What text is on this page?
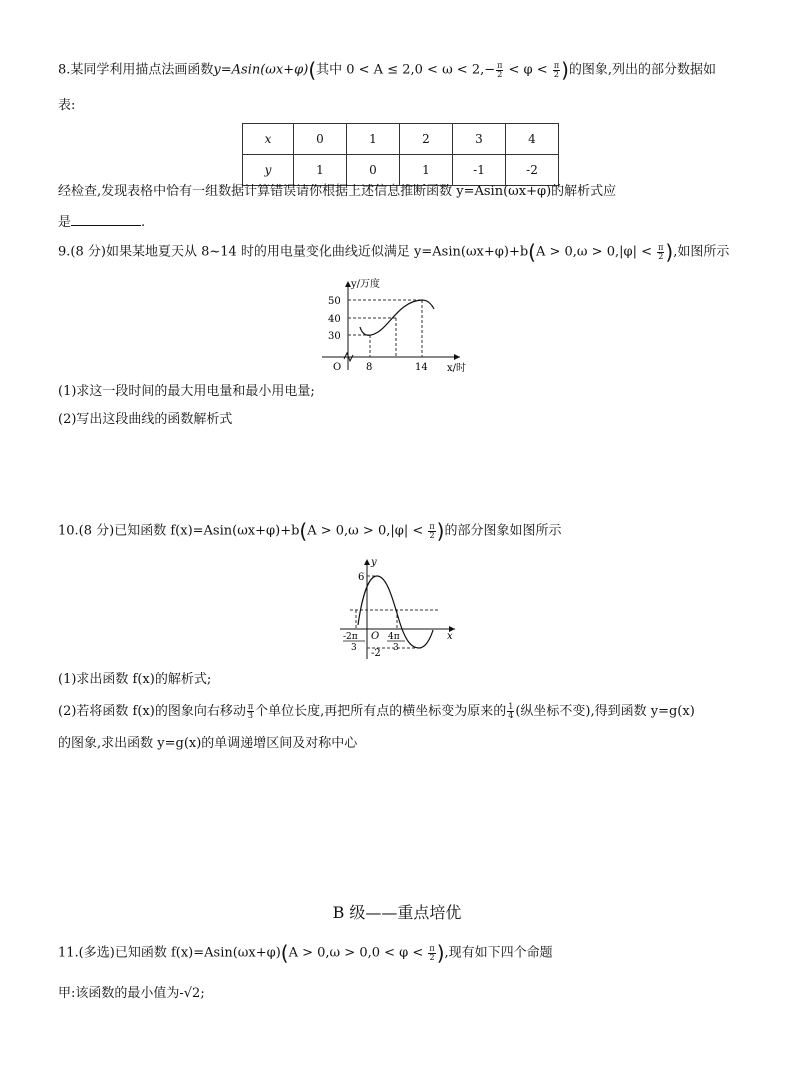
8.某同学利用描点法画函数y=Asin(ωx+φ)(其中 $0 < A \le 2,0 < \omega < 2,- \frac{\pi}{2} < \varphi < \frac{\pi}{2}$ )的图象,列出的部分数据如
表:
x	0	1	2	3	4
y	1	0	1	-1	-2
经检查,发现表格中恰有一组数据计算错误请你根据上述信息推断函数 y=Asin(ωx+φ)的解析式应
是	.
9.(8 分)如果某地夏天从 8~14 时的用电量变化曲线近似满足 $y=Asin(\omega x+\varphi)+b(A > 0,\omega > 0,|\varphi| < \frac{\pi}{2}$ ),如图所示
y/万度
x/时
O
50
40
30
8	14
(1)求这一段时间的最大用电量和最小用电量;
(2)写出这段曲线的函数解析式
10.(8 分)已知函数 $f(x)=Asin(\omega x+\varphi)+b(A > 0,\omega > 0,|\varphi| < \frac{\pi}{2}$ )的部分图象如图所示
y
x
O
6
-2
-2π
3
4π
3
(1)求出函数 f(x)的解析式;
(2)若将函数 f(x)的图象向右移动 $\frac{\pi}{3}$ 个单位长度,再把所有点的横坐标变为原来的 $\frac{1}{4}$ (纵坐标不变),得到函数 y=g(x)
的图象,求出函数 y=g(x)的单调递增区间及对称中心
B 级——重点培优
11.(多选)已知函数 $f(x)=Asin(\omega x+\varphi)(A > 0,\omega > 0,0 < \varphi < \frac{\pi}{2}$ ),现有如下四个命题
甲:该函数的最小值为-√2;
